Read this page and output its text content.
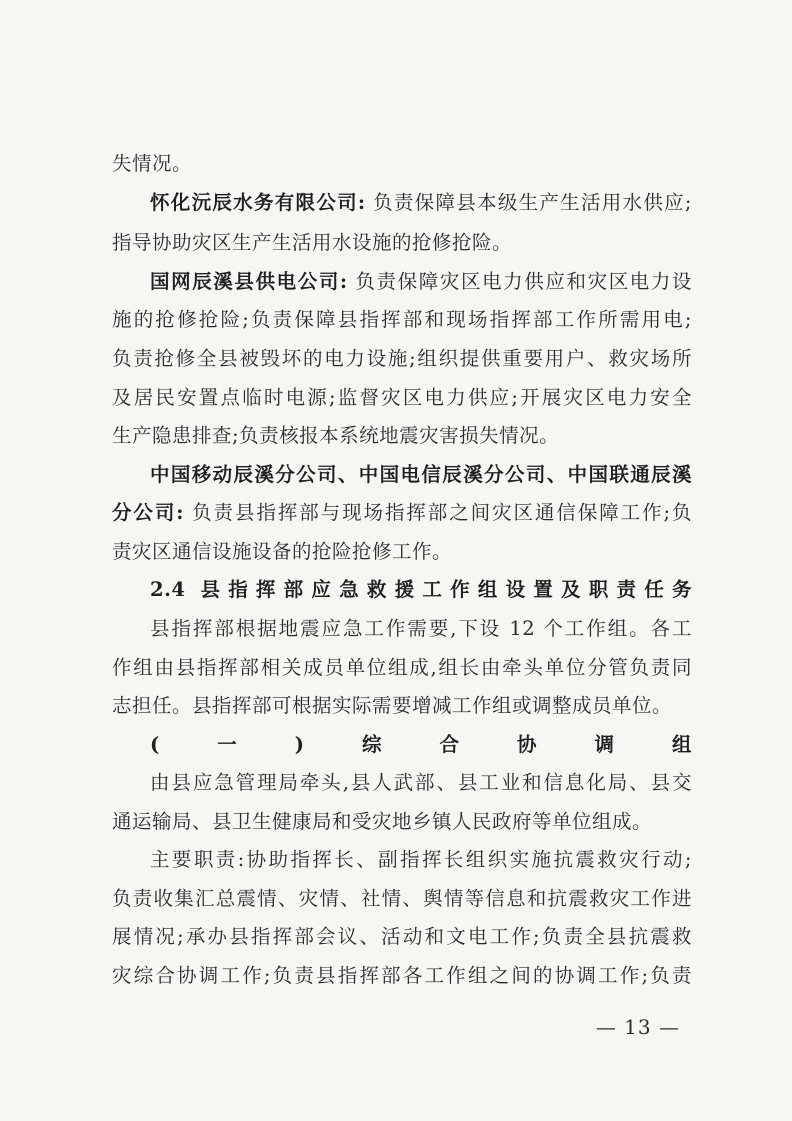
失情况。
怀化沅辰水务有限公司: 负责保障县本级生产生活用水供应;
指导协助灾区生产生活用水设施的抢修抢险。
国网辰溪县供电公司: 负责保障灾区电力供应和灾区电力设
施的抢修抢险;负责保障县指挥部和现场指挥部工作所需用电;
负责抢修全县被毁坏的电力设施;组织提供重要用户、救灾场所
及居民安置点临时电源;监督灾区电力供应;开展灾区电力安全
生产隐患排查;负责核报本系统地震灾害损失情况。
中国移动辰溪分公司、中国电信辰溪分公司、中国联通辰溪
分公司: 负责县指挥部与现场指挥部之间灾区通信保障工作;负
责灾区通信设施设备的抢险抢修工作。
2.4 县指挥部应急救援工作组设置及职责任务
县指挥部根据地震应急工作需要,下设 12 个工作组。各工
作组由县指挥部相关成员单位组成,组长由牵头单位分管负责同
志担任。县指挥部可根据实际需要增减工作组或调整成员单位。
(一)综合协调组
由县应急管理局牵头,县人武部、县工业和信息化局、县交
通运输局、县卫生健康局和受灾地乡镇人民政府等单位组成。
主要职责:协助指挥长、副指挥长组织实施抗震救灾行动;
负责收集汇总震情、灾情、社情、舆情等信息和抗震救灾工作进
展情况;承办县指挥部会议、活动和文电工作;负责全县抗震救
灾综合协调工作;负责县指挥部各工作组之间的协调工作;负责
— 13 —
